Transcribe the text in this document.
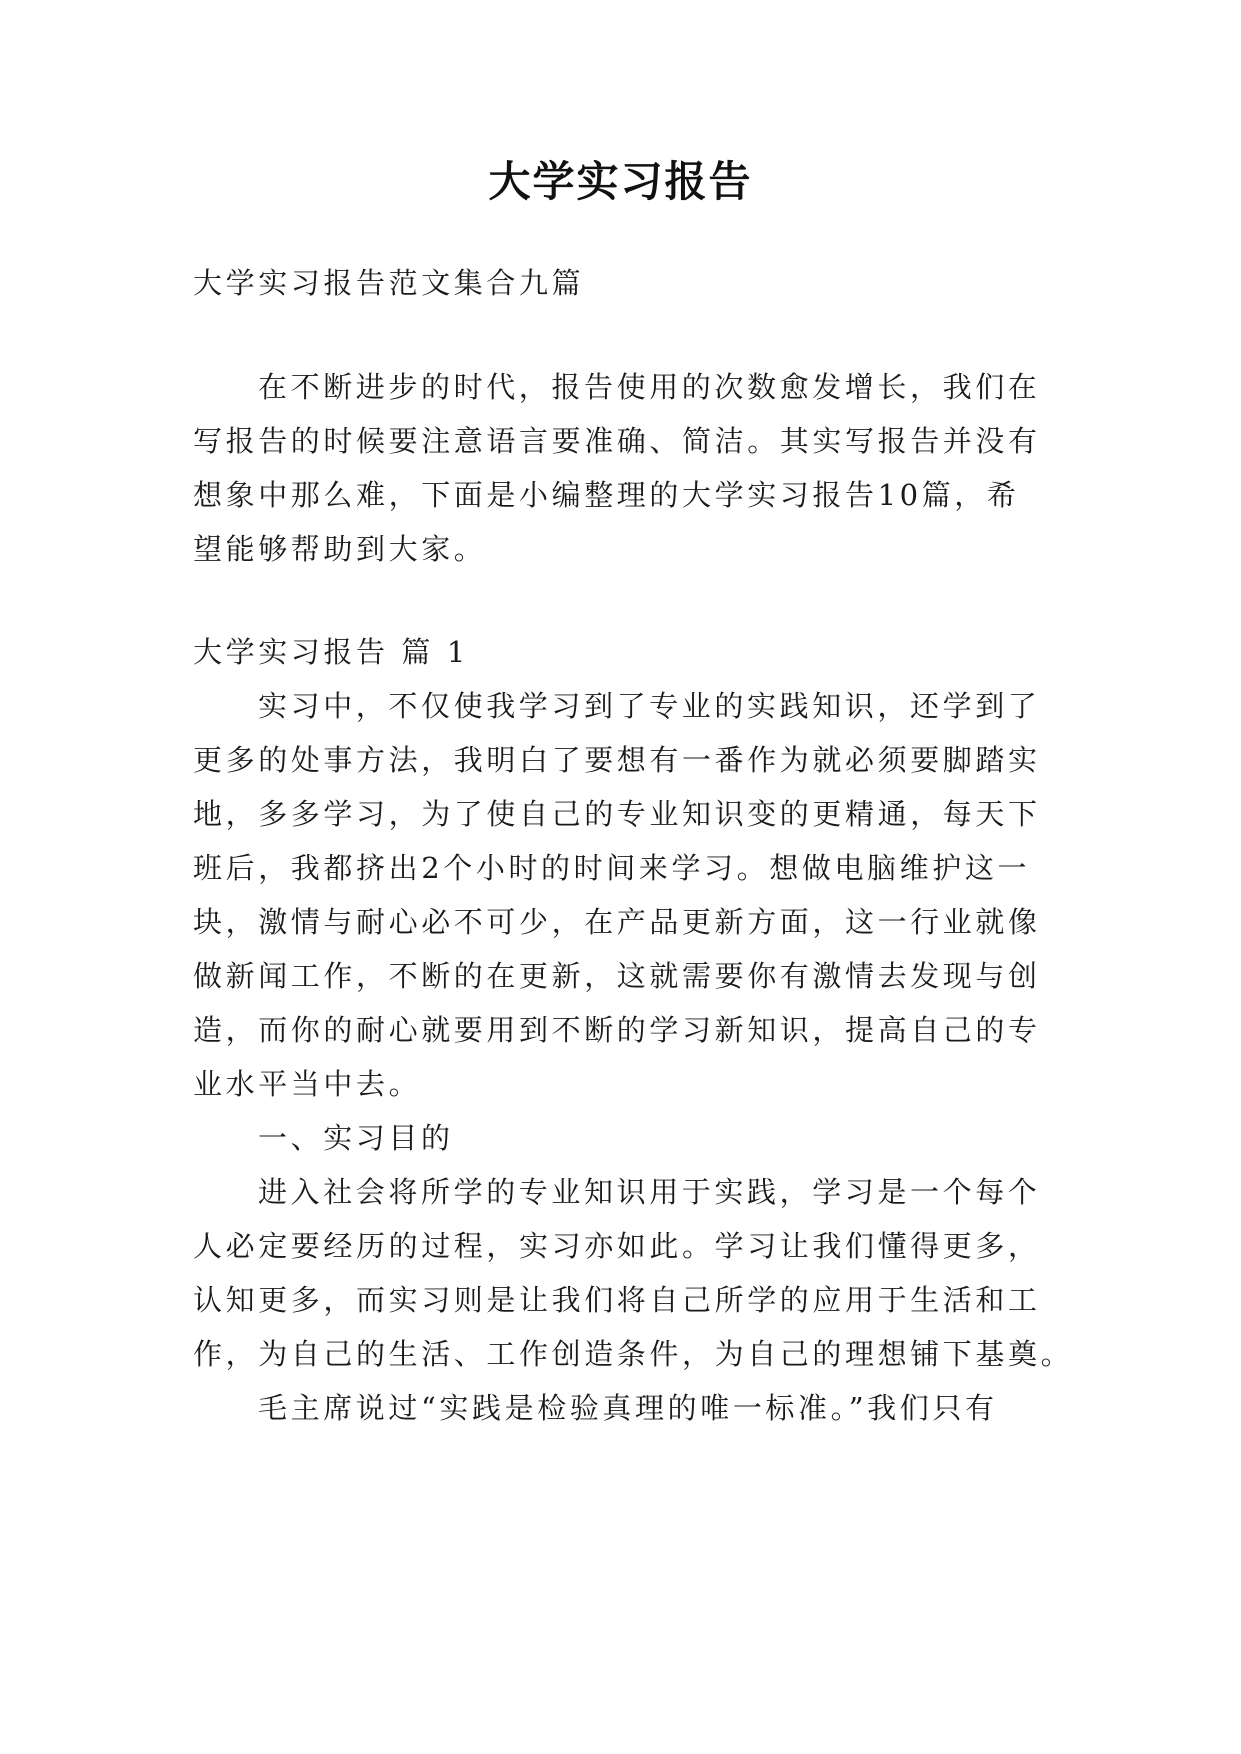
大学实习报告
大学实习报告范文集合九篇
在不断进步的时代，报告使用的次数愈发增长，我们在
写报告的时候要注意语言要准确、简洁。其实写报告并没有
想象中那么难，下面是小编整理的大学实习报告10篇，希
望能够帮助到大家。
大学实习报告 篇 1
实习中，不仅使我学习到了专业的实践知识，还学到了
更多的处事方法，我明白了要想有一番作为就必须要脚踏实
地，多多学习，为了使自己的专业知识变的更精通，每天下
班后，我都挤出2个小时的时间来学习。想做电脑维护这一
块，激情与耐心必不可少，在产品更新方面，这一行业就像
做新闻工作，不断的在更新，这就需要你有激情去发现与创
造，而你的耐心就要用到不断的学习新知识，提高自己的专
业水平当中去。
一、实习目的
进入社会将所学的专业知识用于实践，学习是一个每个
人必定要经历的过程，实习亦如此。学习让我们懂得更多，
认知更多，而实习则是让我们将自己所学的应用于生活和工
作，为自己的生活、工作创造条件，为自己的理想铺下基奠。
毛主席说过“实践是检验真理的唯一标准。”我们只有
